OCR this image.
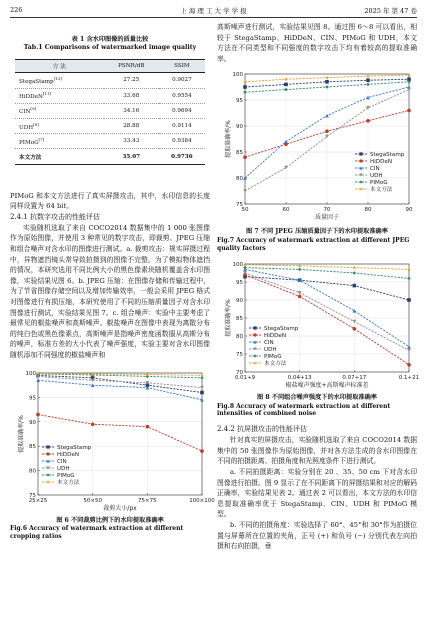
226	上 海 理 工 大 学 学 报	2025 年 第 47 卷
表 1 含水印图像的质量比较
Tab.1 Comparisons of watermarked image quality
方 法	PSNR/dB	SSIM
StegaStamp[13]	27.25	0.9027
HiDDeN[11]	33.68	0.9554
CIN[9]	34.16	0.9694
UDH[8]	28.88	0.9114
PIMoG[7]	33.43	0.9384
本文方法	35.07	0.9736

PIMoG 和本文方法进行了真实屏摄攻击，其中，水印信息的长度同样设置为 64 bit。

2.4.1 抗数字攻击的性能评估

实验随机选取了来自 COCO2014 数据集中的 1 000 张图像作为原始图像，并使用 3 种常见的数字攻击，即裁剪、JPEG 压缩和组合噪声对含水印的图像进行测试。a. 裁剪攻击：规实屏摄过程中，异物遮挡镜头常导致拍摄到的图像不完整。为了模拟物体遮挡的情况，本研究选用不同比例大小的黑色像素块随机覆盖含水印图像，实验结果见图 6。b. JPEG 压缩：在图像存储和传输过程中，为了节省图像存储空间以及增加传输效率，一般会采用 JPEG 格式对图像进行有损压缩，本研究使用了不同的压缩质量因子对含水印图像进行测试，实验结果见图 7。c. 组合噪声：实验中主要考虑了最常见的椒盐噪声和高斯噪声。椒盐噪声在图像中表现为离散分布的纯白色或黑色像素点，高斯噪声是指噪声密度函数服从高斯分布的噪声，标准方差的大小代表了噪声强度，实验主要对含水印图像随机添加不同强度的椒盐噪声和

75
80
85
90
95
100
25×25	50×50	75×75	100×100
裁剪大小/px
提取准确率/%	StegaStamp
HiDDeN
CIN
UDH
PIMoG
本文方法
图 6 不同裁剪比例下的水印提取准确率
Fig.6 Accuracy of watermark extraction at different cropping ratios

高斯噪声进行测试，实验结果见图 8。通过图 6～8 可以看出，相较于 StegaStamp、HiDDeN、CIN、PIMoG 和 UDH，本文方法在不同类型和不同强度的数字攻击下均有着较高的提取准确率。

75
80
85
90
95
100
50	60	70	80	90
质量因子
提取准确率/%	StegaStamp
HiDDeN
CIN
UDH
PIMoG
本文方法
图 7 不同 JPEG 压缩质量因子下的水印提取准确率
Fig.7 Accuracy of watermark extraction at different JPEG quality factors
70
75
80
85
90
95
100
0.01+9	0.04+13	0.07+17	0.1+21
椒盐噪声强度+高斯噪声标准差
提取准确率/%	StegaStamp
HiDDeN
CIN
UDH
PIMoG
本文方法
图 8 不同组合噪声强度下的水印提取准确率
Fig.8 Accuracy of watermark extraction at different intensities of combined noise

2.4.2 抗屏摄攻击的性能评估

针对真实的屏摄攻击，实验随机选取了来自 COCO2014 数据集中的 50 张图像作为原始图像，并对各方法生成的含水印图像在不同的拍摄距离、拍摄角度和光照度条件下进行测试。

a. 不同拍摄距离：实验分别在 20 、35、50 cm 下对含水印图像进行拍摄。图 9 显示了在不同距离下的屏摄结果和对应的解码正确率，实验结果见表 2。通过表 2 可以看出，本文方法的水印信息提取准确率优于 StegaStamp、CIN、UDH 和 PIMoG 模型。

b. 不同的拍摄角度：实验选择了 60°、45°和 30°作为拍摄位置与屏幕所在位置的夹角，正号 (+) 和负号 (−) 分别代表左向拍摄和右向拍摄，垂
